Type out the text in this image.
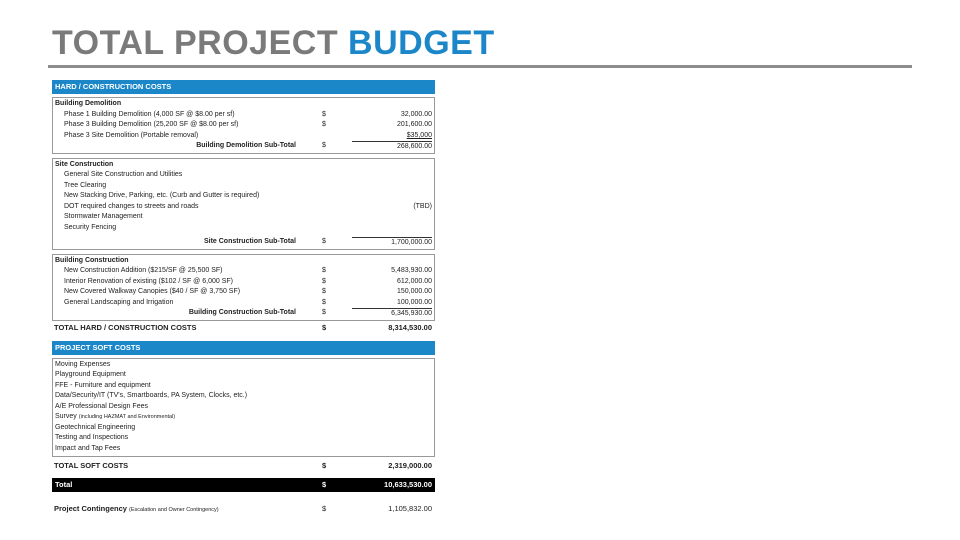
TOTAL PROJECT BUDGET
HARD / CONSTRUCTION COSTS
Building Demolition
Phase 1 Building Demolition (4,000 SF @ $8.00 per sf)	$	32,000.00
Phase 3 Building Demolition (25,200 SF @ $8.00 per sf)	$	201,600.00
Phase 3 Site Demolition (Portable removal)	$35,000
Building Demolition Sub-Total	$	268,600.00
Site Construction
General Site Construction and Utilities
Tree Clearing
New Stacking Drive, Parking, etc. (Curb and Gutter is required)
DOT required changes to streets and roads	(TBD)
Stormwater Management
Security Fencing
Site Construction Sub-Total	$	1,700,000.00
Building Construction
New Construction Addition ($215/SF @ 25,500 SF)	$	5,483,930.00
Interior Renovation of existing ($102 / SF @ 6,000 SF)	$	612,000.00
New Covered Walkway Canopies ($40 / SF @ 3,750 SF)	$	150,000.00
General Landscaping and Irrigation	$	100,000.00
Building Construction Sub-Total	$	6,345,930.00
TOTAL HARD / CONSTRUCTION COSTS	$	8,314,530.00
PROJECT SOFT COSTS
Moving Expenses
Playground Equipment
FFE - Furniture and equipment
Data/Security/IT (TV's, Smartboards, PA System, Clocks, etc.)
A/E Professional Design Fees
Survey (including HAZMAT and Environmental)
Geotechnical Engineering
Testing and Inspections
Impact and Tap Fees
TOTAL SOFT COSTS	$	2,319,000.00
Total	$	10,633,530.00
Project Contingency (Escalation and Owner Contingency)	$	1,105,832.00
